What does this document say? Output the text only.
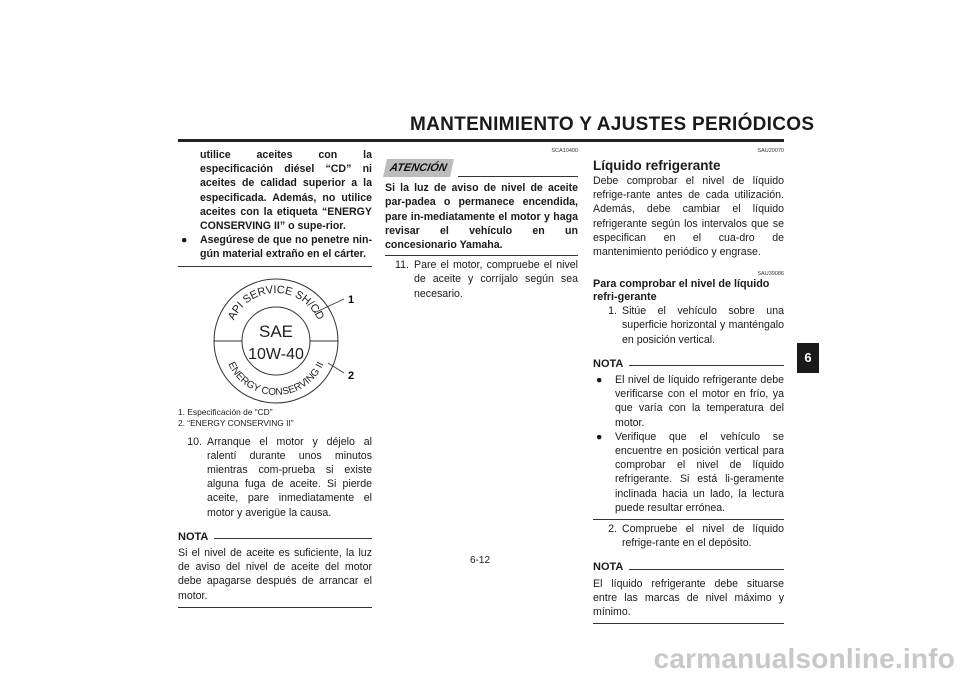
MANTENIMIENTO Y AJUSTES PERIÓDICOS
utilice aceites con la especificación diésel “CD” ni aceites de calidad superior a la especificada. Además, no utilice aceites con la etiqueta “ENERGY CONSERVING II” o supe-rior.
● Asegúrese de que no penetre nin-gún material extraño en el cárter.
API SERVICE SH/CD
ENERGY CONSERVING II
SAE
10W-40
1
2
1. Especificación de “CD”
2. “ENERGY CONSERVING II”
10. Arranque el motor y déjelo al ralentí durante unos minutos mientras com-prueba si existe alguna fuga de aceite. Si pierde aceite, pare inmediatamente el motor y averigüe la causa.
NOTA
Si el nivel de aceite es suficiente, la luz de aviso del nivel de aceite del motor debe apagarse después de arrancar el motor.
SCA10400
ATENCIÓN
Si la luz de aviso de nivel de aceite par-padea o permanece encendida, pare in-mediatamente el motor y haga revisar el vehículo en un concesionario Yamaha.
11. Pare el motor, compruebe el nivel de aceite y corríjalo según sea necesario.
SAU20070
Líquido refrigerante
Debe comprobar el nivel de líquido refrige-rante antes de cada utilización. Además, debe cambiar el líquido refrigerante según los intervalos que se especifican en el cua-dro de mantenimiento periódico y engrase.
SAU39086
Para comprobar el nivel de líquido refri-gerante
1. Sitúe el vehículo sobre una superficie horizontal y manténgalo en posición vertical.
NOTA
● El nivel de líquido refrigerante debe verificarse con el motor en frío, ya que varía con la temperatura del motor.
● Verifique que el vehículo se encuentre en posición vertical para comprobar el nivel de líquido refrigerante. Si está li-geramente inclinada hacia un lado, la lectura puede resultar errónea.
2. Compruebe el nivel de líquido refrige-rante en el depósito.
NOTA
El líquido refrigerante debe situarse entre las marcas de nivel máximo y mínimo.
6
6-12
carmanualsonline.info
